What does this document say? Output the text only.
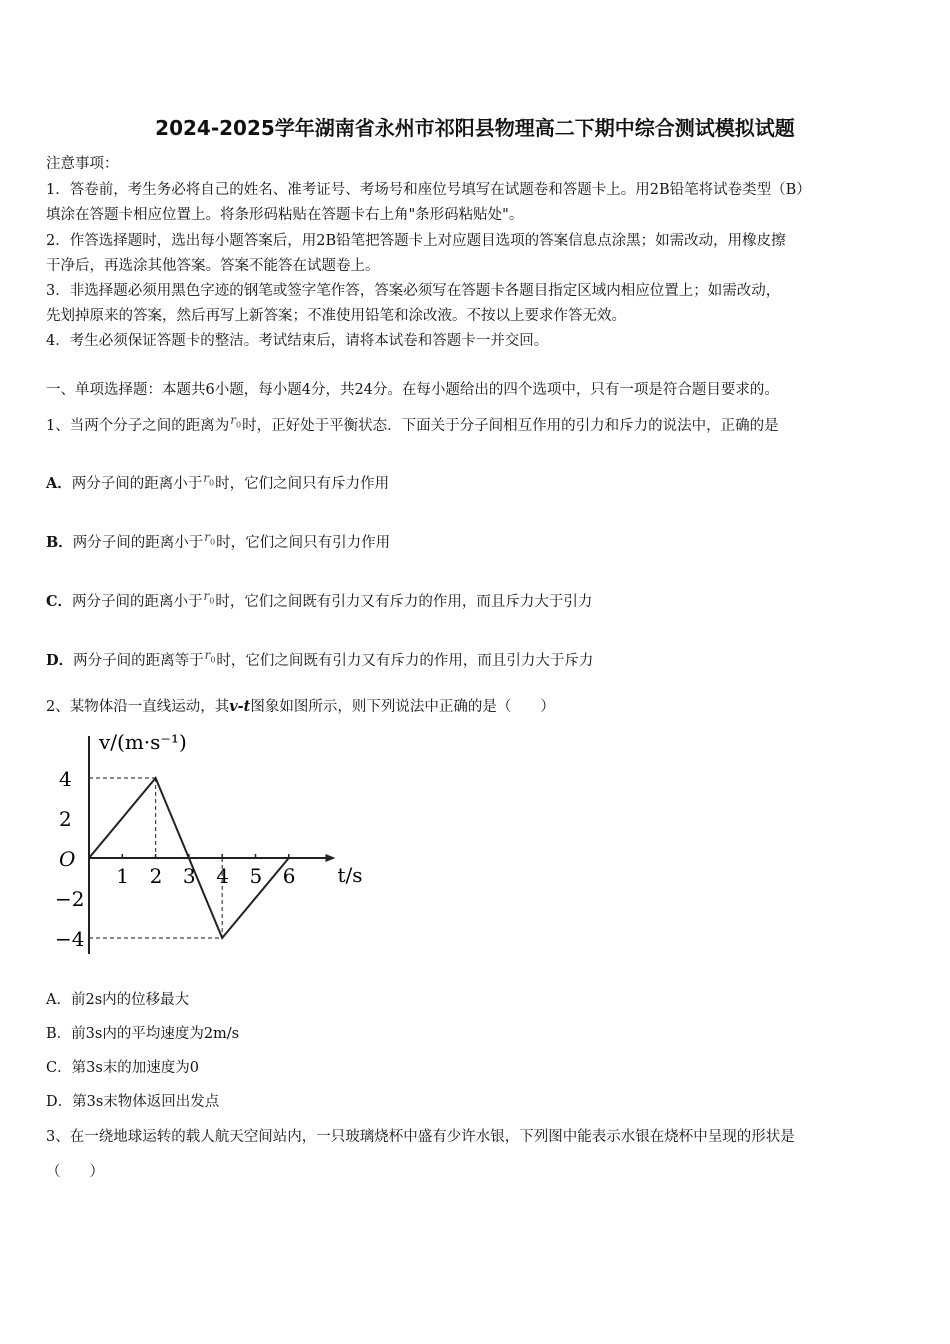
2024-2025学年湖南省永州市祁阳县物理高二下期中综合测试模拟试题
注意事项：
1．答卷前，考生务必将自己的姓名、准考证号、考场号和座位号填写在试题卷和答题卡上。用2B铅笔将试卷类型（B）
填涂在答题卡相应位置上。将条形码粘贴在答题卡右上角"条形码粘贴处"。
2．作答选择题时，选出每小题答案后，用2B铅笔把答题卡上对应题目选项的答案信息点涂黑；如需改动，用橡皮擦
干净后，再选涂其他答案。答案不能答在试题卷上。
3．非选择题必须用黑色字迹的钢笔或签字笔作答，答案必须写在答题卡各题目指定区域内相应位置上；如需改动，
先划掉原来的答案，然后再写上新答案；不准使用铅笔和涂改液。不按以上要求作答无效。
4．考生必须保证答题卡的整洁。考试结束后，请将本试卷和答题卡一并交回。
一、单项选择题：本题共6小题，每小题4分，共24分。在每小题给出的四个选项中，只有一项是符合题目要求的。
1、当两个分子之间的距离为$r_0$时，正好处于平衡状态．下面关于分子间相互作用的引力和斥力的说法中，正确的是
A．两分子间的距离小于$r_0$时，它们之间只有斥力作用
B．两分子间的距离小于$r_0$时，它们之间只有引力作用
C．两分子间的距离小于$r_0$时，它们之间既有引力又有斥力的作用，而且斥力大于引力
D．两分子间的距离等于$r_0$时，它们之间既有引力又有斥力的作用，而且引力大于斥力
2、某物体沿一直线运动，其v-t图象如图所示，则下列说法中正确的是（　　）
1 2 3 4 5 6
4
2
−2
−4
v/(m·s⁻¹)
t/s
O
A．前2s内的位移最大
B．前3s内的平均速度为2m/s
C．第3s末的加速度为0
D．第3s末物体返回出发点
3、在一绕地球运转的载人航天空间站内，一只玻璃烧杯中盛有少许水银，下列图中能表示水银在烧杯中呈现的形状是
（　　）
